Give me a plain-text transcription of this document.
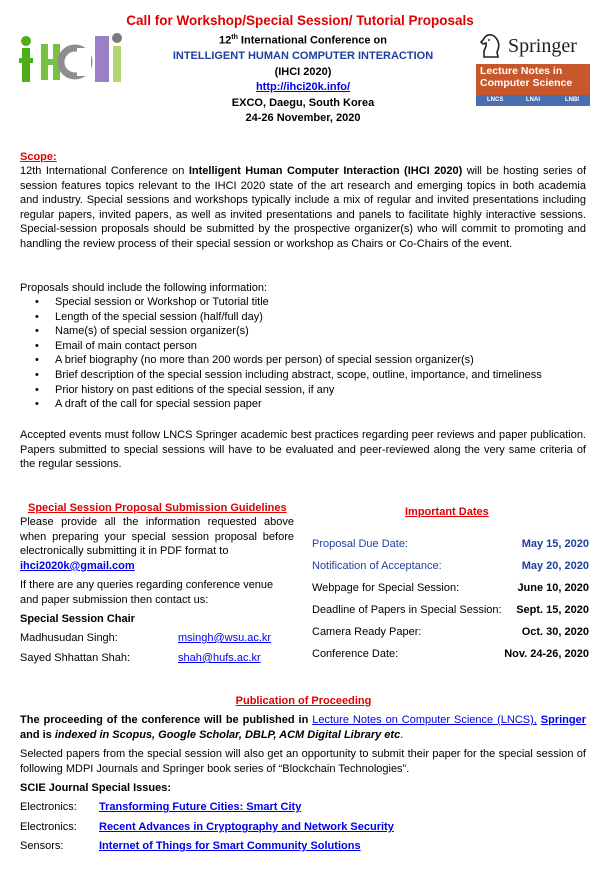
Call for Workshop/Special Session/ Tutorial Proposals
12th International Conference on
INTELLIGENT HUMAN COMPUTER INTERACTION
(IHCI 2020)
http://ihci20k.info/
EXCO, Daegu, South Korea
24-26 November, 2020
Springer
Lecture Notes in Computer Science
LNCS	LNAI	LNBI
Scope:
12th International Conference on Intelligent Human Computer Interaction (IHCI 2020) will be hosting series of session features topics relevant to the IHCI 2020 state of the art research and emerging topics in both academia and industry. Special sessions and workshops typically include a mix of regular and invited presentations including regular papers, invited papers, as well as invited presentations and panels to facilitate highly interactive sessions. Special-session proposals should be submitted by the prospective organizer(s) who will commit to promoting and handling the review process of their special session or workshop as Chairs or Co-Chairs of the event.
Proposals should include the following information:
• Special session or Workshop or Tutorial title
• Length of the special session (half/full day)
• Name(s) of special session organizer(s)
• Email of main contact person
• A brief biography (no more than 200 words per person) of special session organizer(s)
• Brief description of the special session including abstract, scope, outline, importance, and timeliness
• Prior history on past editions of the special session, if any
• A draft of the call for special session paper
Accepted events must follow LNCS Springer academic best practices regarding peer reviews and paper publication. Papers submitted to special sessions will have to be evaluated and peer-reviewed along the very same criteria of the regular sessions.
Special Session Proposal Submission Guidelines
Please provide all the information requested above when preparing your special session proposal before electronically submitting it in PDF format to
ihci2020k@gmail.com
If there are any queries regarding conference venue and paper submission then contact us:
Special Session Chair
Madhusudan Singh:	msingh@wsu.ac.kr
Sayed Shhattan Shah:	shah@hufs.ac.kr
Important Dates
Proposal Due Date:	May 15, 2020
Notification of Acceptance:	May 20, 2020
Webpage for Special Session:	June 10, 2020
Deadline of Papers in Special Session: Sept. 15, 2020
Camera Ready Paper:	Oct. 30, 2020
Conference Date:	Nov. 24-26, 2020
Publication of Proceeding
The proceeding of the conference will be published in Lecture Notes on Computer Science (LNCS), Springer and is indexed in Scopus, Google Scholar, DBLP, ACM Digital Library etc.
Selected papers from the special session will also get an opportunity to submit their paper for the special session of following MDPI Journals and Springer book series of “Blockchain Technologies”.
SCIE Journal Special Issues:
Electronics: Transforming Future Cities: Smart City
Electronics: Recent Advances in Cryptography and Network Security
Sensors:	Internet of Things for Smart Community Solutions
